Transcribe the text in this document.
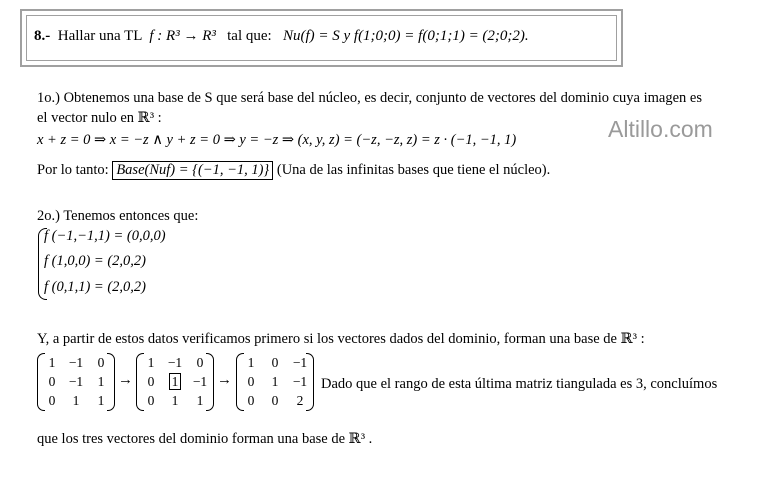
8.- Hallar una TL f : R³ → R³ tal que: Nu(f) = S y f(1;0;0) = f(0;1;1) = (2;0;2).
Altillo.com
1o.) Obtenemos una base de S que será base del núcleo, es decir, conjunto de vectores del dominio cuya imagen es
el vector nulo en ℝ³ :
x + z = 0 ⇒ x = −z ∧ y + z = 0 ⇒ y = −z ⇒ (x, y, z) = (−z, −z, z) = z · (−1, −1, 1)
Por lo tanto: Base(Nuf) = {(−1, −1, 1)} (Una de las infinitas bases que tiene el núcleo).
2o.) Tenemos entonces que:
f (−1,−1,1) = (0,0,0)
f (1,0,0) = (2,0,2)
f (0,1,1) = (2,0,2)
Y, a partir de estos datos verificamos primero si los vectores dados del dominio, forman una base de ℝ³ :
1 −1	0
0 −1	1
0	1	1
→
1 −1	0
0	1	−1
0	1	1
→
1	0	−1
0	1	−1
0	0	2
Dado que el rango de esta última matriz tiangulada es 3, concluímos
que los tres vectores del dominio forman una base de ℝ³ .
